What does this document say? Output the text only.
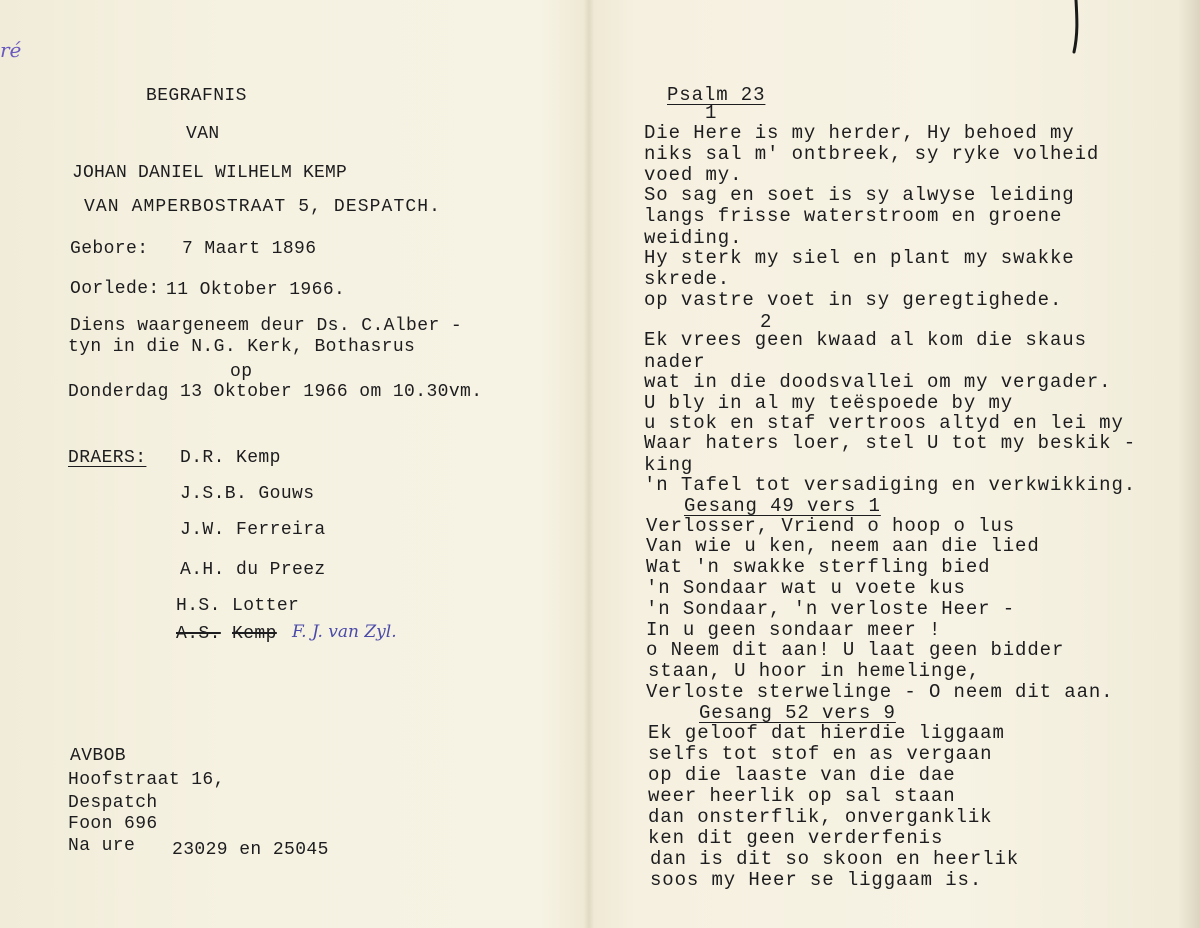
ré
BEGRAFNIS
VAN
JOHAN DANIEL WILHELM KEMP
VAN AMPERBOSTRAAT 5, DESPATCH.
Gebore: 7 Maart 1896
Oorlede: 11 Oktober 1966.
Diens waargeneem deur Ds. C.Alber -
tyn in die N.G. Kerk, Bothasrus
op
Donderdag 13 Oktober 1966 om 10.30vm.
DRAERS: D.R. Kemp
J.S.B. Gouws
J.W. Ferreira
A.H. du Preez
H.S. Lotter
A.S. Kemp F. J. van Zyl.
AVBOB
Hoofstraat 16,
Despatch
Foon 696
Na ure 23029 en 25045
Psalm 23
1
Die Here is my herder, Hy behoed my
niks sal m' ontbreek, sy ryke volheid
voed my.
So sag en soet is sy alwyse leiding
langs frisse waterstroom en groene
weiding.
Hy sterk my siel en plant my swakke
skrede.
op vastre voet in sy geregtighede.
2
Ek vrees geen kwaad al kom die skaus
nader
wat in die doodsvallei om my vergader.
U bly in al my teëspoede by my
u stok en staf vertroos altyd en lei my
Waar haters loer, stel U tot my beskik -
king
'n Tafel tot versadiging en verkwikking.
Gesang 49 vers 1
Verlosser, Vriend o hoop o lus
Van wie u ken, neem aan die lied
Wat 'n swakke sterfling bied
'n Sondaar wat u voete kus
'n Sondaar, 'n verloste Heer -
In u geen sondaar meer !
o Neem dit aan! U laat geen bidder
staan, U hoor in hemelinge,
Verloste sterwelinge - O neem dit aan.
Gesang 52 vers 9
Ek geloof dat hierdie liggaam
selfs tot stof en as vergaan
op die laaste van die dae
weer heerlik op sal staan
dan onsterflik, onverganklik
ken dit geen verderfenis
dan is dit so skoon en heerlik
soos my Heer se liggaam is.
